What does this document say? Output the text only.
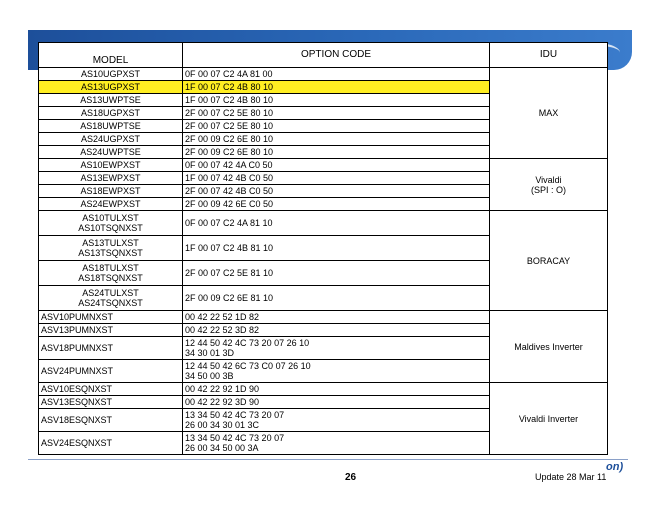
MODEL	OPTION CODE	IDU

AS10UGPXST	0F 00 07 C2 4A 81 00	MAX

AS13UGPXST	1F 00 07 C2 4B 80 10	

AS13UWPTSE	1F 00 07 C2 4B 80 10	

AS18UGPXST	2F 00 07 C2 5E 80 10	

AS18UWPTSE	2F 00 07 C2 5E 80 10	

AS24UGPXST	2F 00 09 C2 6E 80 10	

AS24UWPTSE	2F 00 09 C2 6E 80 10	

AS10EWPXST	0F 00 07 42 4A C0 50	Vivaldi
(SPI : O)

AS13EWPXST	1F 00 07 42 4B C0 50	

AS18EWPXST	2F 00 07 42 4B C0 50	

AS24EWPXST	2F 00 09 42 6E C0 50	

AS10TULXST
AS10TSQNXST	0F 00 07 C2 4A 81 10	BORACAY

AS13TULXST
AS13TSQNXST	1F 00 07 C2 4B 81 10	

AS18TULXST
AS18TSQNXST	2F 00 07 C2 5E 81 10	

AS24TULXST
AS24TSQNXST	2F 00 09 C2 6E 81 10	

ASV10PUMNXST	00 42 22 52 1D 82	Maldives Inverter

ASV13PUMNXST	00 42 22 52 3D 82	

ASV18PUMNXST	12 44 50 42 4C 73 20 07 26 10
34 30 01 3D	

ASV24PUMNXST	12 44 50 42 6C 73 C0 07 26 10
34 50 00 3B	

ASV10ESQNXST	00 42 22 92 1D 90	Vivaldi Inverter

ASV13ESQNXST	00 42 22 92 3D 90	

ASV18ESQNXST	13 34 50 42 4C 73 20 07
26 00 34 30 01 3C	

ASV24ESQNXST	13 34 50 42 4C 73 20 07
26 00 34 50 00 3A	
on)
26	Update 28 Mar 11
